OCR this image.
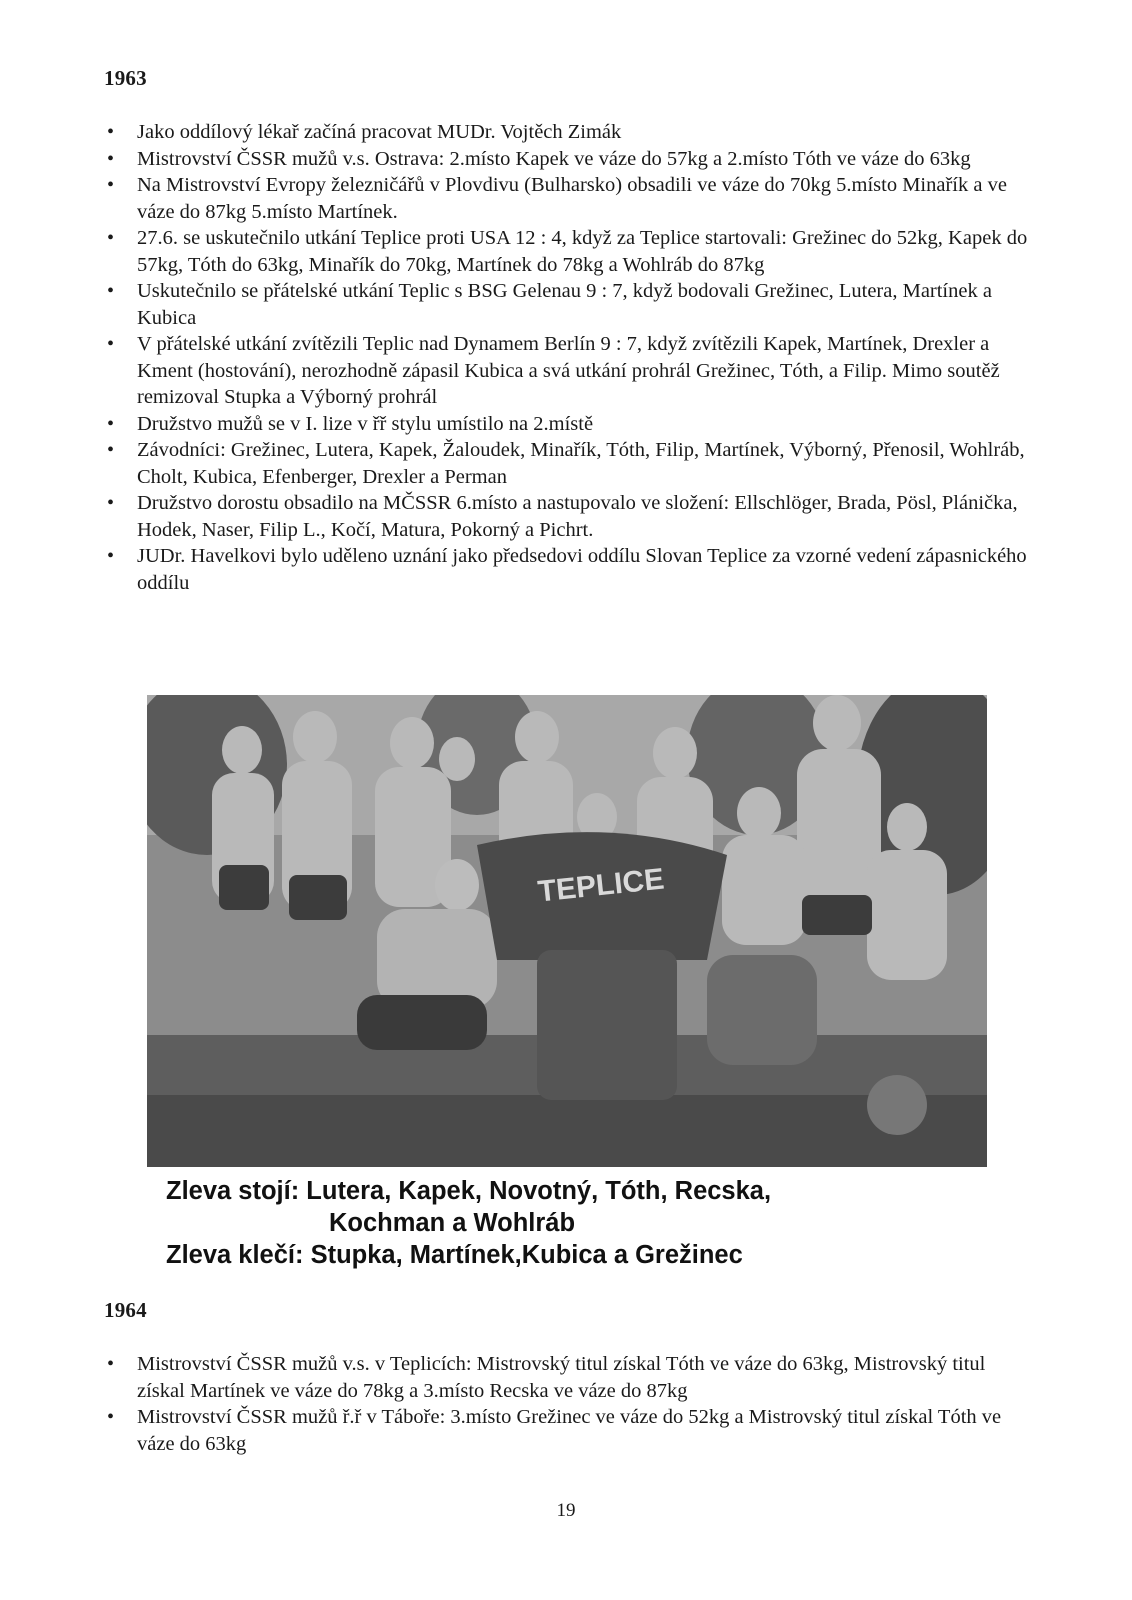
1963
• Jako oddílový lékař začíná pracovat MUDr. Vojtěch Zimák
• Mistrovství ČSSR mužů v.s. Ostrava: 2.místo Kapek ve váze do 57kg a 2.místo Tóth ve váze do 63kg
• Na Mistrovství Evropy železničářů v Plovdivu (Bulharsko) obsadili ve váze do 70kg 5.místo Minařík a ve váze do 87kg 5.místo Martínek.
• 27.6. se uskutečnilo utkání Teplice proti USA 12 : 4, když za Teplice startovali: Grežinec do 52kg, Kapek do 57kg, Tóth do 63kg, Minařík do 70kg, Martínek do 78kg a Wohlráb do 87kg
• Uskutečnilo se přátelské utkání Teplic s BSG Gelenau 9 : 7, když bodovali Grežinec, Lutera, Martínek a Kubica
• V přátelské utkání zvítězili Teplic nad Dynamem Berlín 9 : 7, když zvítězili Kapek, Martínek, Drexler a Kment (hostování), nerozhodně zápasil Kubica a svá utkání prohrál Grežinec, Tóth, a Filip. Mimo soutěž remizoval Stupka a Výborný prohrál
• Družstvo mužů se v I. lize v řř stylu umístilo na 2.místě
• Závodníci: Grežinec, Lutera, Kapek, Žaloudek, Minařík, Tóth, Filip, Martínek, Výborný, Přenosil, Wohlráb, Cholt, Kubica, Efenberger, Drexler a Perman
• Družstvo dorostu obsadilo na MČSSR 6.místo a nastupovalo ve složení: Ellschlöger, Brada, Pösl, Plánička, Hodek, Naser, Filip L., Kočí, Matura, Pokorný a Pichrt.
• JUDr. Havelkovi bylo uděleno uznání jako předsedovi oddílu Slovan Teplice za vzorné vedení zápasnického oddílu
TEPLICE
Zleva stojí: Lutera, Kapek, Novotný, Tóth, Recska,
Kochman a Wohlráb
Zleva klečí: Stupka, Martínek,Kubica a Grežinec
1964
• Mistrovství ČSSR mužů v.s. v Teplicích: Mistrovský titul získal Tóth ve váze do 63kg, Mistrovský titul získal Martínek ve váze do 78kg a 3.místo Recska ve váze do 87kg
• Mistrovství ČSSR mužů ř.ř v Táboře: 3.místo Grežinec ve váze do 52kg a Mistrovský titul získal Tóth ve váze do 63kg
19
